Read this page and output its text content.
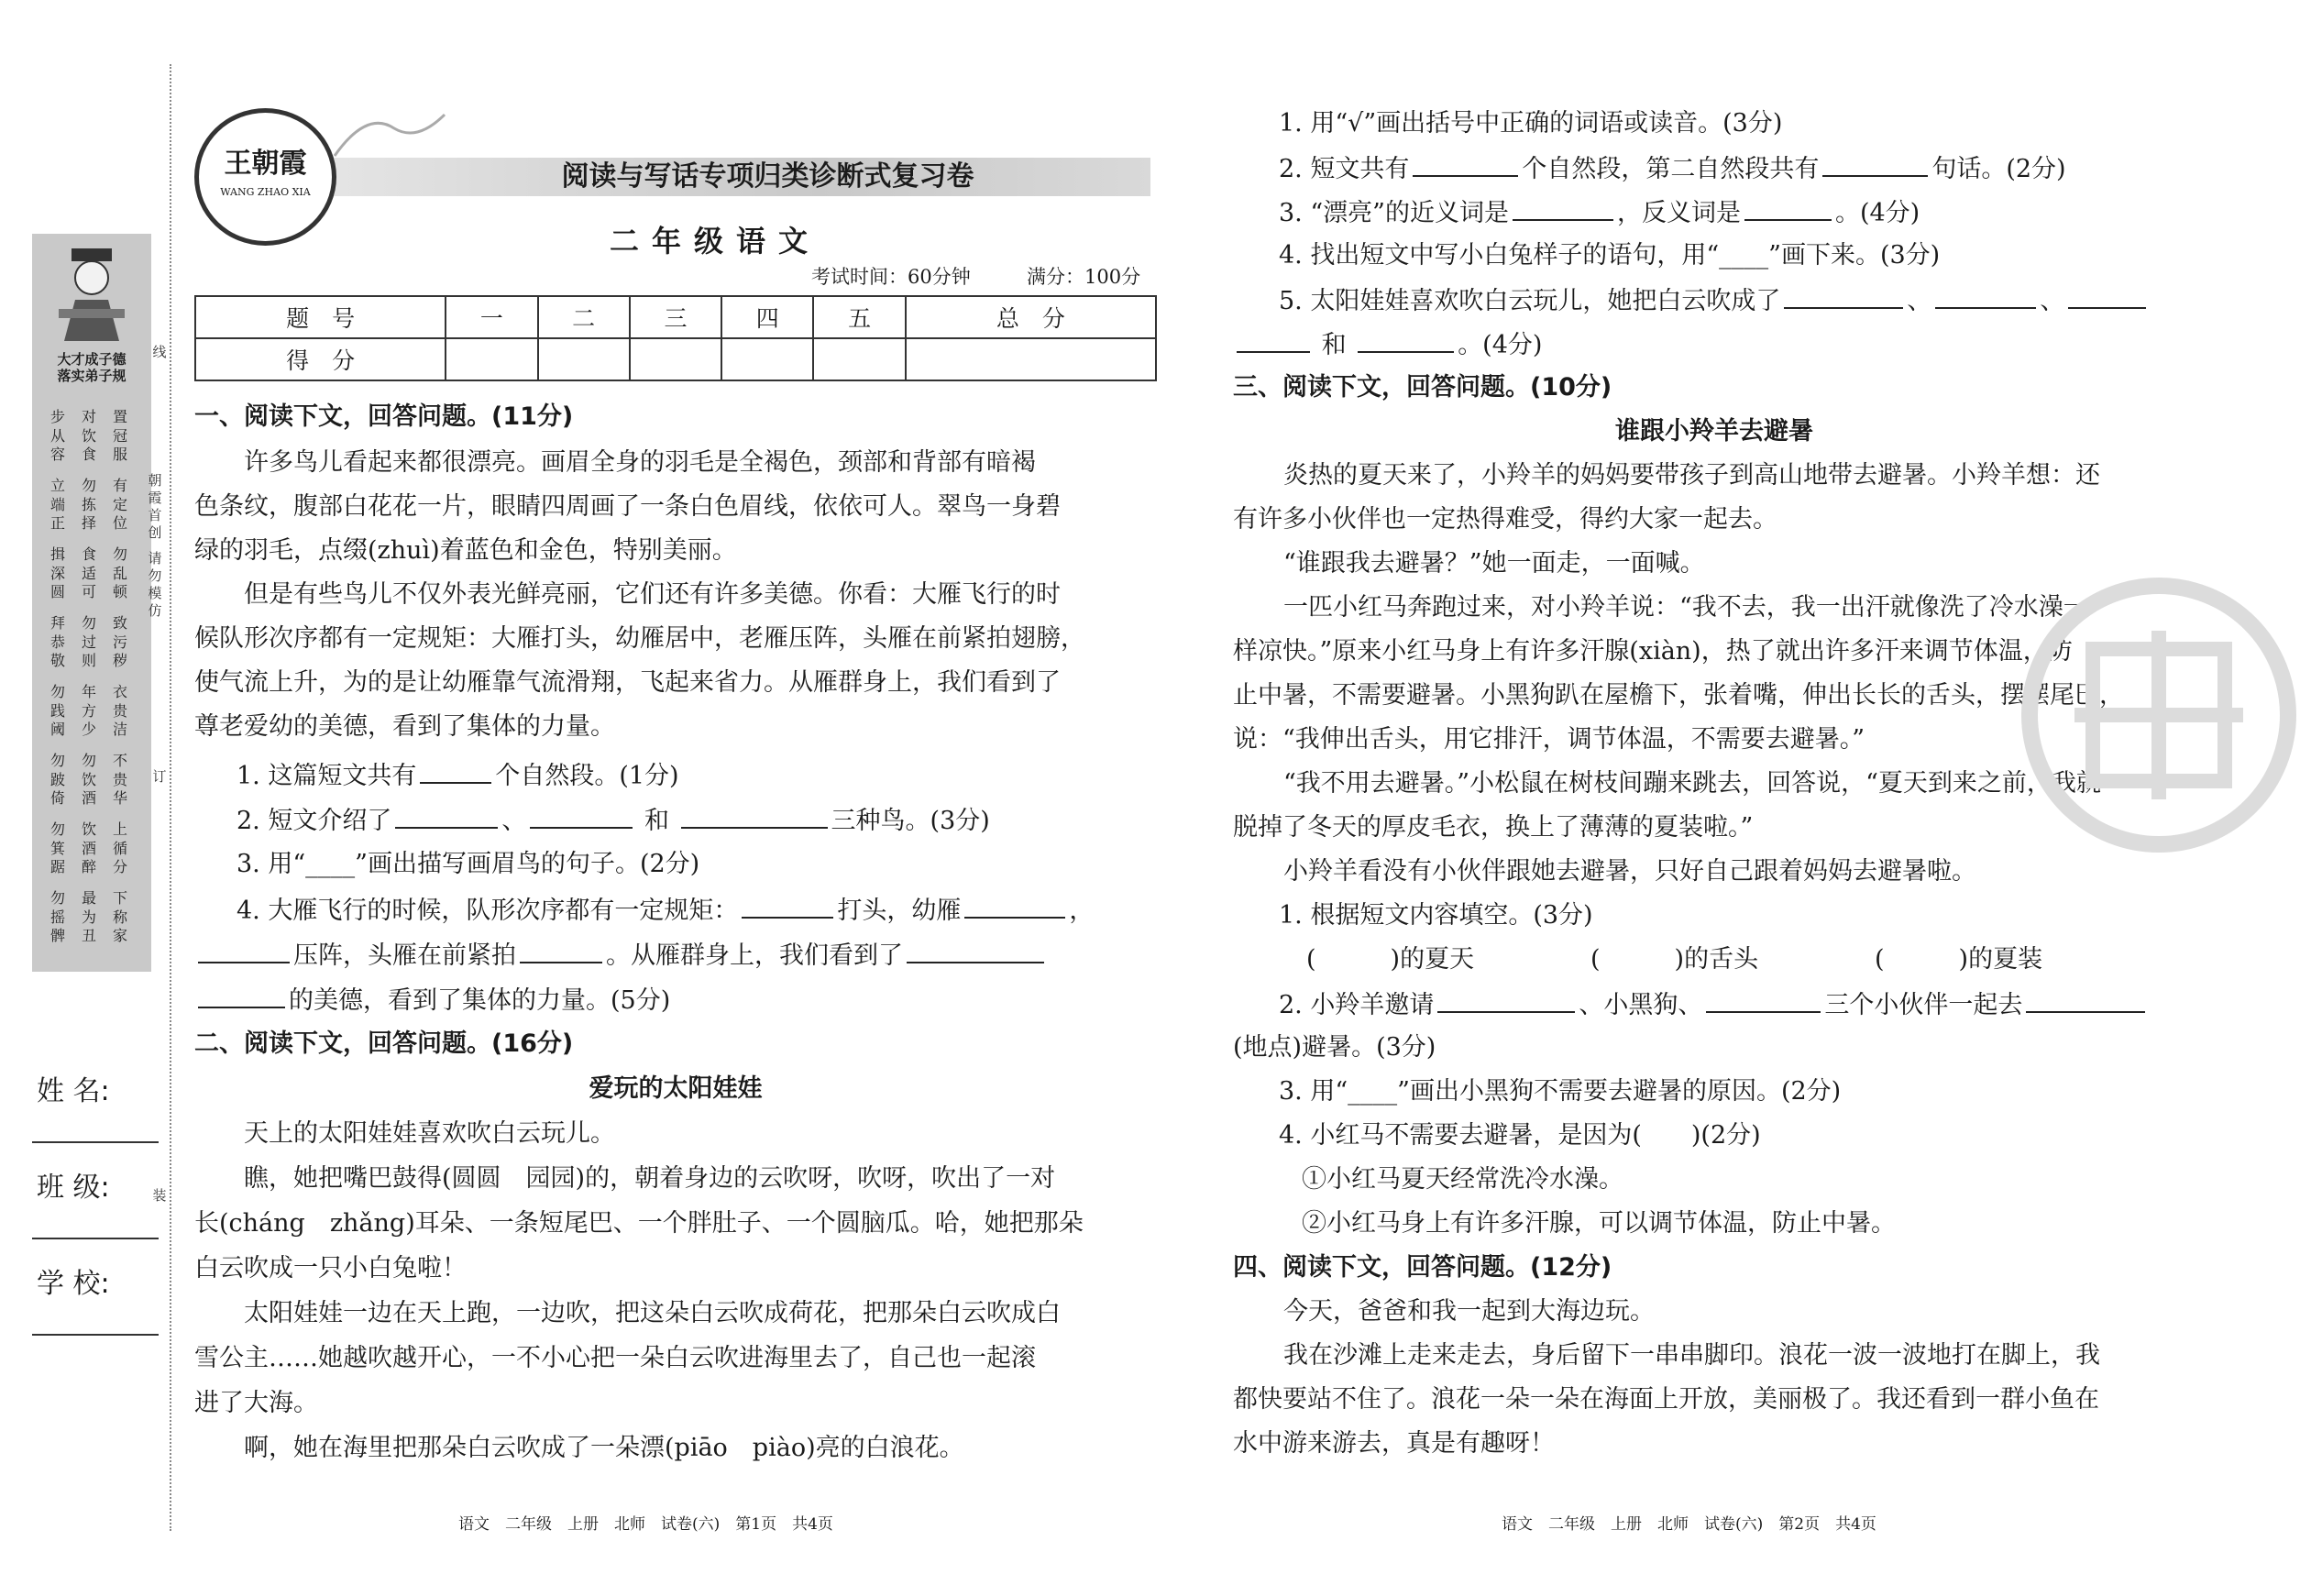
大才成子德
落实弟子规
步从容
对饮食
置冠服
立端正
勿拣择
有定位
揖深圆
食适可
勿乱顿
拜恭敬
勿过则
致污秽
勿践阈
年方少
衣贵洁
勿跛倚
勿饮酒
不贵华
勿箕踞
饮酒醉
上循分
勿摇髀
最为丑
下称家
线
订
装
朝霞首创
请勿模仿
姓 名:
班 级:
学 校:
王朝霞
WANG ZHAO XIA	阅读与写话专项归类诊断式复习卷
二年级语文
考试时间：60分钟	满分：100分
题　号	一	二	三	四	五	总　分
得　分						
一、阅读下文，回答问题。(11分)
许多鸟儿看起来都很漂亮。画眉全身的羽毛是全褐色，颈部和背部有暗褐
色条纹，腹部白花花一片，眼睛四周画了一条白色眉线，依依可人。翠鸟一身碧
绿的羽毛，点缀(zhuì)着蓝色和金色，特别美丽。
但是有些鸟儿不仅外表光鲜亮丽，它们还有许多美德。你看：大雁飞行的时
候队形次序都有一定规矩：大雁打头，幼雁居中，老雁压阵，头雁在前紧拍翅膀，
使气流上升，为的是让幼雁靠气流滑翔，飞起来省力。从雁群身上，我们看到了
尊老爱幼的美德，看到了集体的力量。
1. 这篇短文共有	个自然段。(1分)
2. 短文介绍了	、	和	三种鸟。(3分)
3. 用“____”画出描写画眉鸟的句子。(2分)
4. 大雁飞行的时候，队形次序都有一定规矩：	打头，幼雁	，
压阵，头雁在前紧拍	。从雁群身上，我们看到了
的美德，看到了集体的力量。(5分)
二、阅读下文，回答问题。(16分)
爱玩的太阳娃娃
天上的太阳娃娃喜欢吹白云玩儿。
瞧，她把嘴巴鼓得(圆圆　园园)的，朝着身边的云吹呀，吹呀，吹出了一对
长(cháng　zhǎng)耳朵、一条短尾巴、一个胖肚子、一个圆脑瓜。哈，她把那朵
白云吹成一只小白兔啦！
太阳娃娃一边在天上跑，一边吹，把这朵白云吹成荷花，把那朵白云吹成白
雪公主……她越吹越开心，一不小心把一朵白云吹进海里去了，自己也一起滚
进了大海。
啊，她在海里把那朵白云吹成了一朵漂(piāo　piào)亮的白浪花。
语文　二年级　上册　北师　试卷(六)　第1页　共4页
1. 用“√”画出括号中正确的词语或读音。(3分)
2. 短文共有	个自然段，第二自然段共有	句话。(2分)
3. “漂亮”的近义词是	，反义词是	。(4分)
4. 找出短文中写小白兔样子的语句，用“____”画下来。(3分)
5. 太阳娃娃喜欢吹白云玩儿，她把白云吹成了	、	、
和	。(4分)
三、阅读下文，回答问题。(10分)
谁跟小羚羊去避暑
炎热的夏天来了，小羚羊的妈妈要带孩子到高山地带去避暑。小羚羊想：还
有许多小伙伴也一定热得难受，得约大家一起去。
“谁跟我去避暑？”她一面走，一面喊。
一匹小红马奔跑过来，对小羚羊说：“我不去，我一出汗就像洗了冷水澡一
样凉快。”原来小红马身上有许多汗腺(xiàn)，热了就出许多汗来调节体温，防
止中暑，不需要避暑。小黑狗趴在屋檐下，张着嘴，伸出长长的舌头，摆摆尾巴，
说：“我伸出舌头，用它排汗，调节体温，不需要去避暑。”
“我不用去避暑。”小松鼠在树枝间蹦来跳去，回答说，“夏天到来之前，我就
脱掉了冬天的厚皮毛衣，换上了薄薄的夏装啦。”
小羚羊看没有小伙伴跟她去避暑，只好自己跟着妈妈去避暑啦。
1. 根据短文内容填空。(3分)
(　　　)的夏天	(　　　)的舌头	(　　　)的夏装
2. 小羚羊邀请	、小黑狗、	三个小伙伴一起去
(地点)避暑。(3分)
3. 用“____”画出小黑狗不需要去避暑的原因。(2分)
4. 小红马不需要去避暑，是因为(　　)(2分)
①小红马夏天经常洗冷水澡。
②小红马身上有许多汗腺，可以调节体温，防止中暑。
四、阅读下文，回答问题。(12分)
今天，爸爸和我一起到大海边玩。
我在沙滩上走来走去，身后留下一串串脚印。浪花一波一波地打在脚上，我
都快要站不住了。浪花一朵一朵在海面上开放，美丽极了。我还看到一群小鱼在
水中游来游去，真是有趣呀！
语文　二年级　上册　北师　试卷(六)　第2页　共4页
